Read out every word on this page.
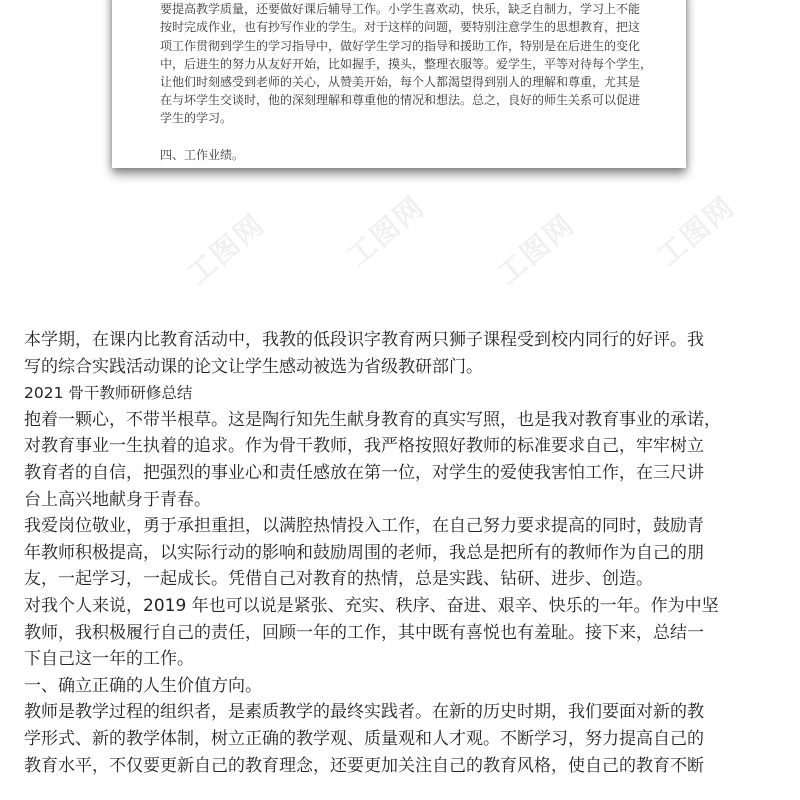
要提高教学质量，还要做好课后辅导工作。小学生喜欢动，快乐，缺乏自制力，学习上不能
按时完成作业，也有抄写作业的学生。对于这样的问题，要特别注意学生的思想教育，把这
项工作贯彻到学生的学习指导中，做好学生学习的指导和援助工作，特别是在后进生的变化
中，后进生的努力从友好开始，比如握手，摸头，整理衣服等。爱学生，平等对待每个学生，
让他们时刻感受到老师的关心，从赞美开始，每个人都渴望得到别人的理解和尊重，尤其是
在与坏学生交谈时，他的深刻理解和尊重他的情况和想法。总之，良好的师生关系可以促进
学生的学习。
四、工作业绩。
工图网 工图网 工图网 工图网
本学期，在课内比教育活动中，我教的低段识字教育两只狮子课程受到校内同行的好评。我
写的综合实践活动课的论文让学生感动被选为省级教研部门。
2021 骨干教师研修总结
抱着一颗心，不带半根草。这是陶行知先生献身教育的真实写照，也是我对教育事业的承诺，
对教育事业一生执着的追求。作为骨干教师，我严格按照好教师的标准要求自己，牢牢树立
教育者的自信，把强烈的事业心和责任感放在第一位，对学生的爱使我害怕工作，在三尺讲
台上高兴地献身于青春。
我爱岗位敬业，勇于承担重担，以满腔热情投入工作，在自己努力要求提高的同时，鼓励青
年教师积极提高，以实际行动的影响和鼓励周围的老师，我总是把所有的教师作为自己的朋
友，一起学习，一起成长。凭借自己对教育的热情，总是实践、钻研、进步、创造。
对我个人来说，2019 年也可以说是紧张、充实、秩序、奋进、艰辛、快乐的一年。作为中坚
教师，我积极履行自己的责任，回顾一年的工作，其中既有喜悦也有羞耻。接下来，总结一
下自己这一年的工作。
一、确立正确的人生价值方向。
教师是教学过程的组织者，是素质教学的最终实践者。在新的历史时期，我们要面对新的教
学形式、新的教学体制，树立正确的教学观、质量观和人才观。不断学习，努力提高自己的
教育水平，不仅要更新自己的教育理念，还要更加关注自己的教育风格，使自己的教育不断
